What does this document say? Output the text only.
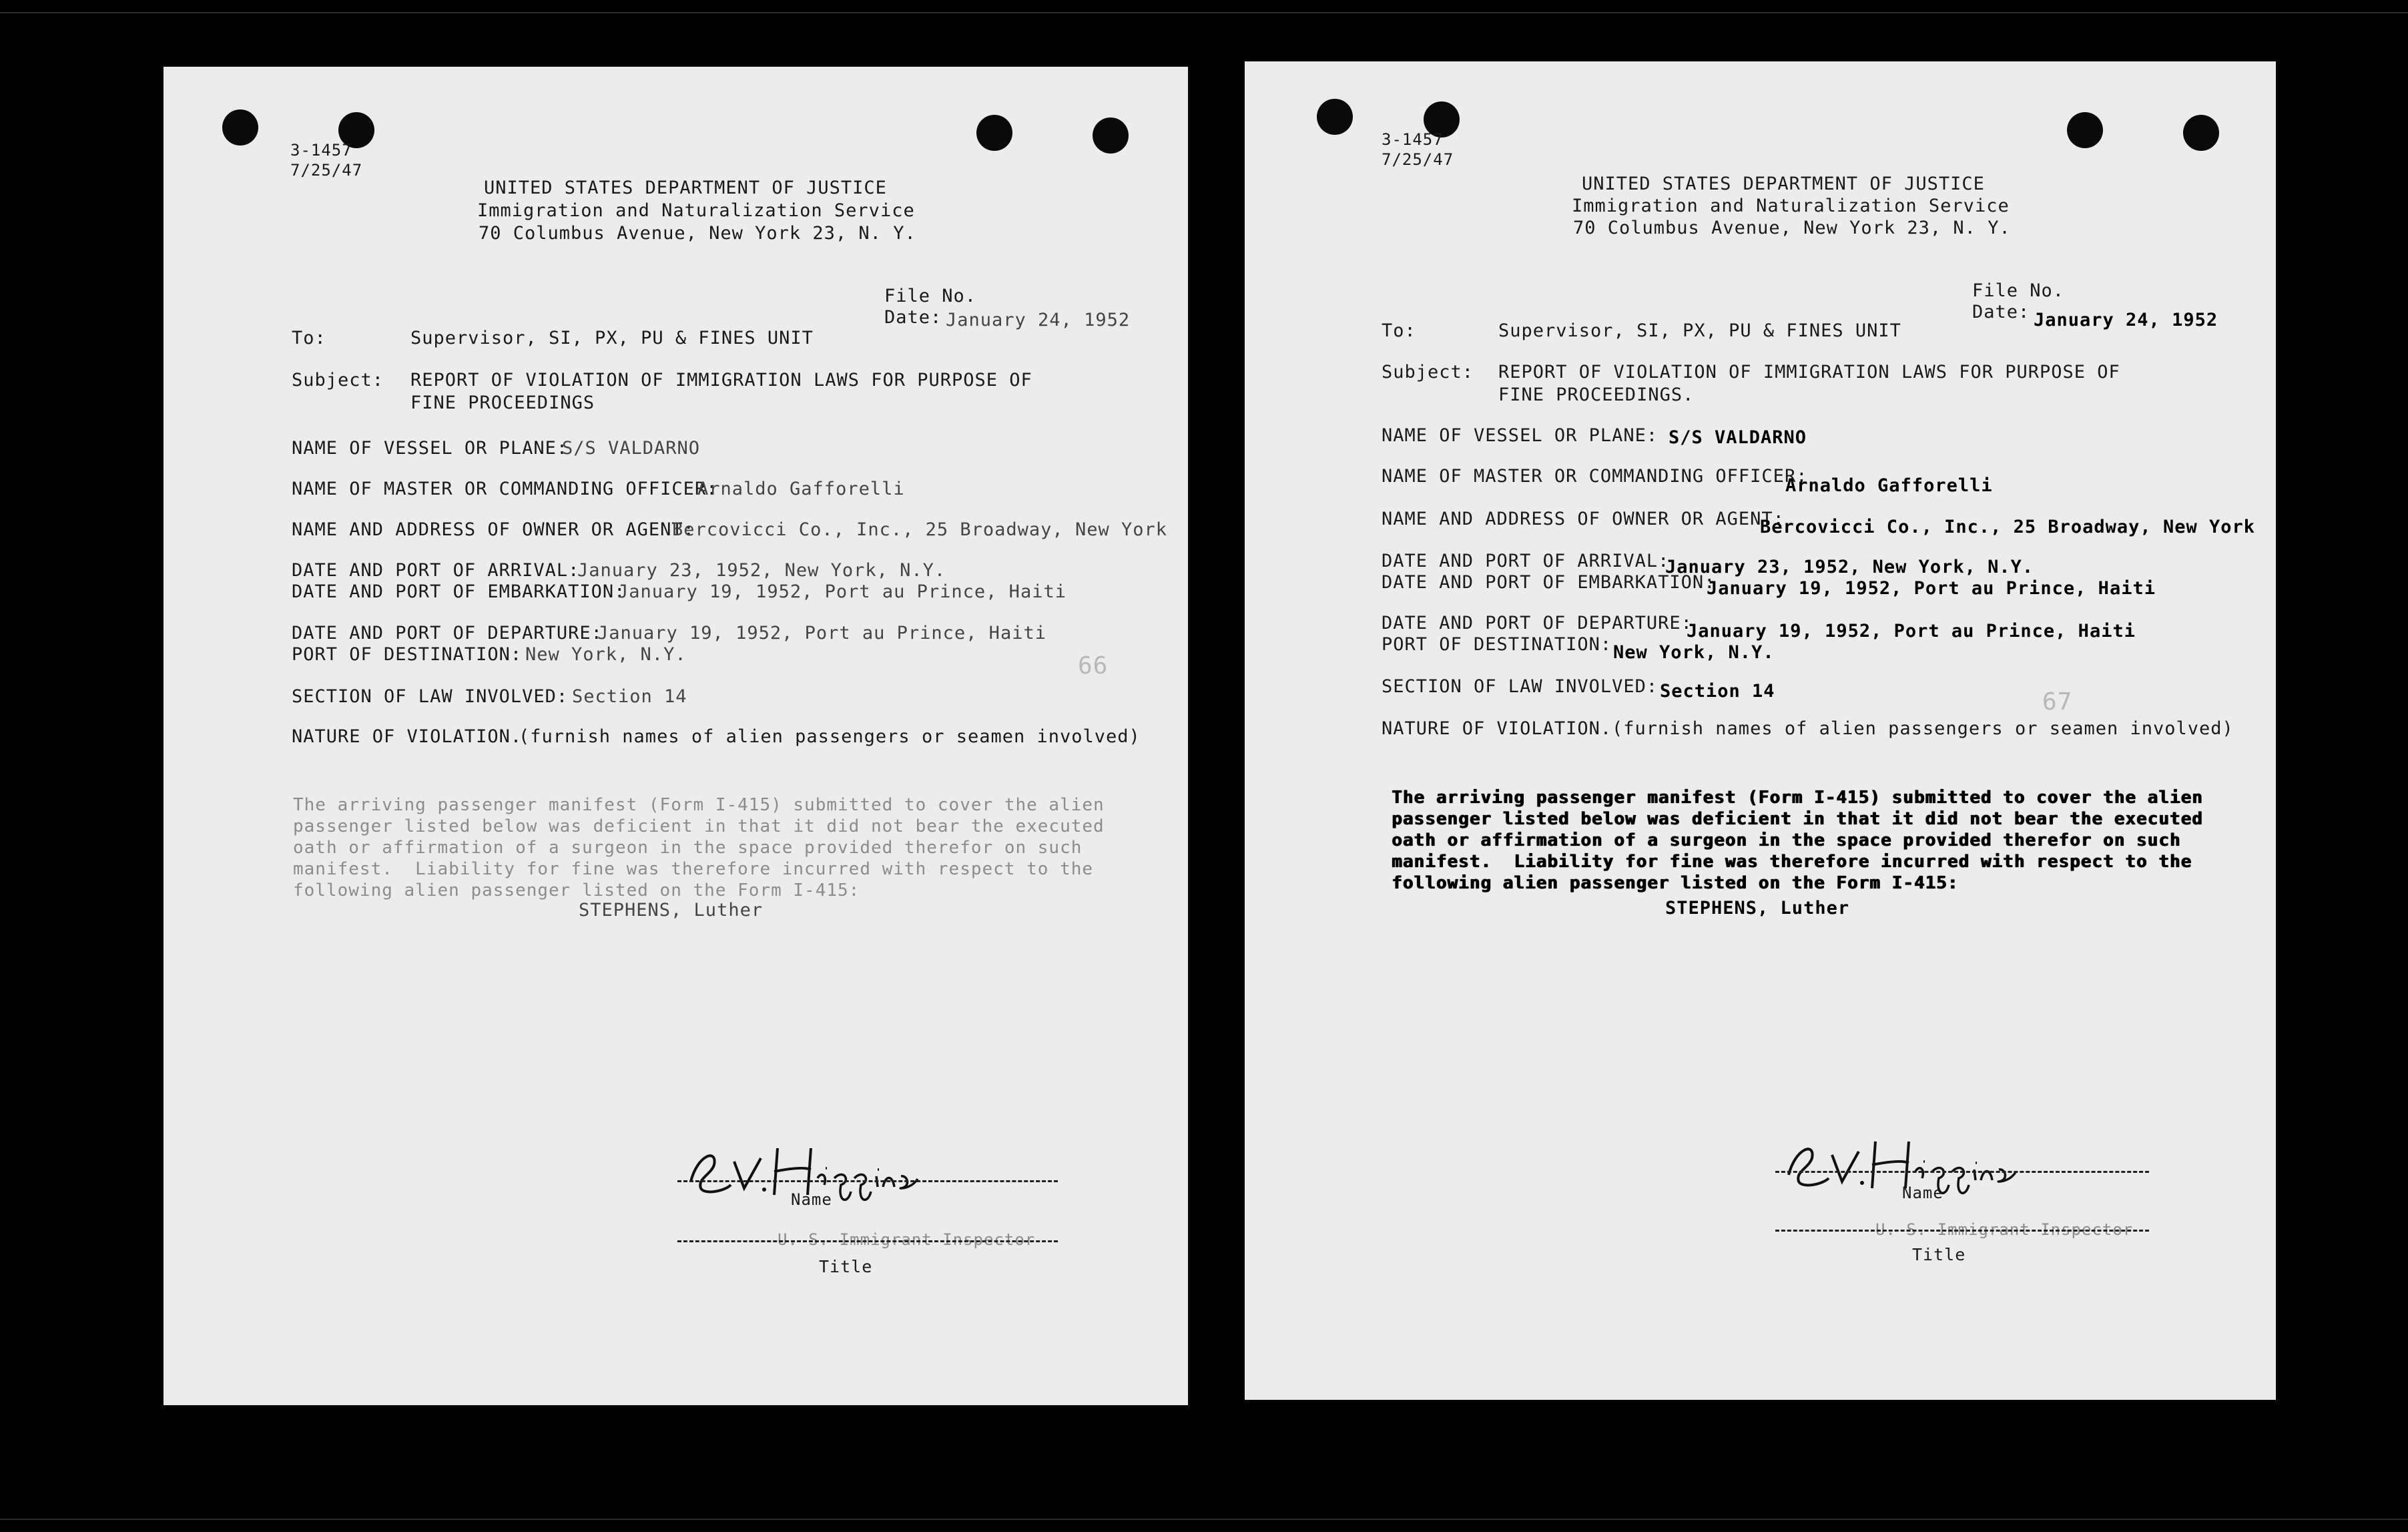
3-1457
7/25/47
UNITED STATES DEPARTMENT OF JUSTICE
Immigration and Naturalization Service
70 Columbus Avenue, New York 23, N. Y.
File No.
Date: January 24, 1952
To:	Supervisor, SI, PX, PU & FINES UNIT
Subject: REPORT OF VIOLATION OF IMMIGRATION LAWS FOR PURPOSE OF
FINE PROCEEDINGS
NAME OF VESSEL OR PLANE:
S/S VALDARNO
NAME OF MASTER OR COMMANDING OFFICER:
Arnaldo Gafforelli
NAME AND ADDRESS OF OWNER OR AGENT:
Bercovicci Co., Inc., 25 Broadway, New York
DATE AND PORT OF ARRIVAL:
January 23, 1952, New York, N.Y.
DATE AND PORT OF EMBARKATION:
January 19, 1952, Port au Prince, Haiti
DATE AND PORT OF DEPARTURE:
January 19, 1952, Port au Prince, Haiti
PORT OF DESTINATION: New York, N.Y.	66
SECTION OF LAW INVOLVED: Section 14
NATURE OF VIOLATION.
(furnish names of alien passengers or seamen involved)

The arriving passenger manifest (Form I-415) submitted to cover the alien
passenger listed below was deficient in that it did not bear the executed
oath or affirmation of a surgeon in the space provided therefor on such
manifest.  Liability for fine was therefore incurred with respect to the
following alien passenger listed on the Form I-415:

STEPHENS, Luther
Name
U. S. Immigrant Inspector
Title
3-1457
7/25/47
UNITED STATES DEPARTMENT OF JUSTICE
Immigration and Naturalization Service
70 Columbus Avenue, New York 23, N. Y.
File No.
Date: January 24, 1952
To:	Supervisor, SI, PX, PU & FINES UNIT
Subject: REPORT OF VIOLATION OF IMMIGRATION LAWS FOR PURPOSE OF
FINE PROCEEDINGS.
NAME OF VESSEL OR PLANE: S/S VALDARNO
NAME OF MASTER OR COMMANDING OFFICER:
Arnaldo Gafforelli
NAME AND ADDRESS OF OWNER OR AGENT:
Bercovicci Co., Inc., 25 Broadway, New York
DATE AND PORT OF ARRIVAL:
January 23, 1952, New York, N.Y.
DATE AND PORT OF EMBARKATION:
January 19, 1952, Port au Prince, Haiti
DATE AND PORT OF DEPARTURE:
January 19, 1952, Port au Prince, Haiti
PORT OF DESTINATION: New York, N.Y.
SECTION OF LAW INVOLVED: Section 14	67
NATURE OF VIOLATION. (furnish names of alien passengers or seamen involved)

The arriving passenger manifest (Form I-415) submitted to cover the alien
passenger listed below was deficient in that it did not bear the executed
oath or affirmation of a surgeon in the space provided therefor on such
manifest.  Liability for fine was therefore incurred with respect to the
following alien passenger listed on the Form I-415:

STEPHENS, Luther
Name
U. S. Immigrant Inspector
Title
